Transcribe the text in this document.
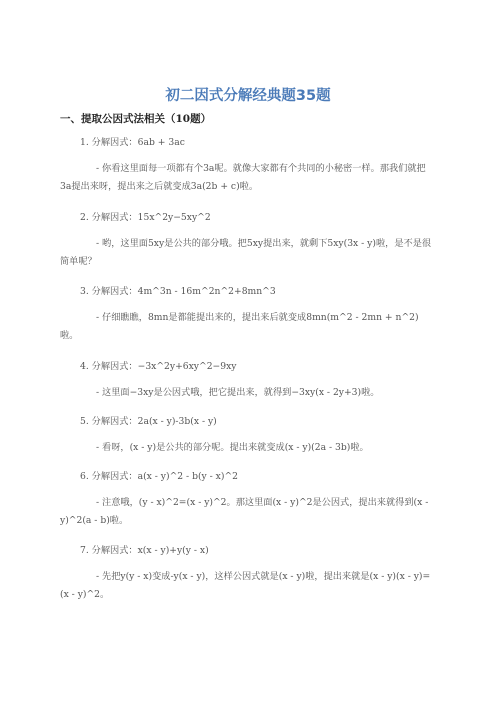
初二因式分解经典题35题
一、提取公因式法相关（10题）
1. 分解因式：6ab + 3ac
- 你看这里面每一项都有个3a呢。就像大家都有个共同的小秘密一样。那我们就把3a提出来呀，提出来之后就变成3a(2b + c)啦。
2. 分解因式：15x^2y−5xy^2
- 哟，这里面5xy是公共的部分哦。把5xy提出来，就剩下5xy(3x - y)啦，是不是很简单呢？
3. 分解因式：4m^3n - 16m^2n^2+8mn^3
- 仔细瞧瞧，8mn是都能提出来的，提出来后就变成8mn(m^2 - 2mn + n^2)啦。
4. 分解因式：−3x^2y+6xy^2−9xy
- 这里面−3xy是公因式哦，把它提出来，就得到−3xy(x - 2y+3)啦。
5. 分解因式：2a(x - y)-3b(x - y)
- 看呀，(x - y)是公共的部分呢。提出来就变成(x - y)(2a - 3b)啦。
6. 分解因式：a(x - y)^2 - b(y - x)^2
- 注意哦，(y - x)^2=(x - y)^2。那这里面(x - y)^2是公因式，提出来就得到(x - y)^2(a - b)啦。
7. 分解因式：x(x - y)+y(y - x)
- 先把y(y - x)变成-y(x - y)，这样公因式就是(x - y)啦，提出来就是(x - y)(x - y)=(x - y)^2。
